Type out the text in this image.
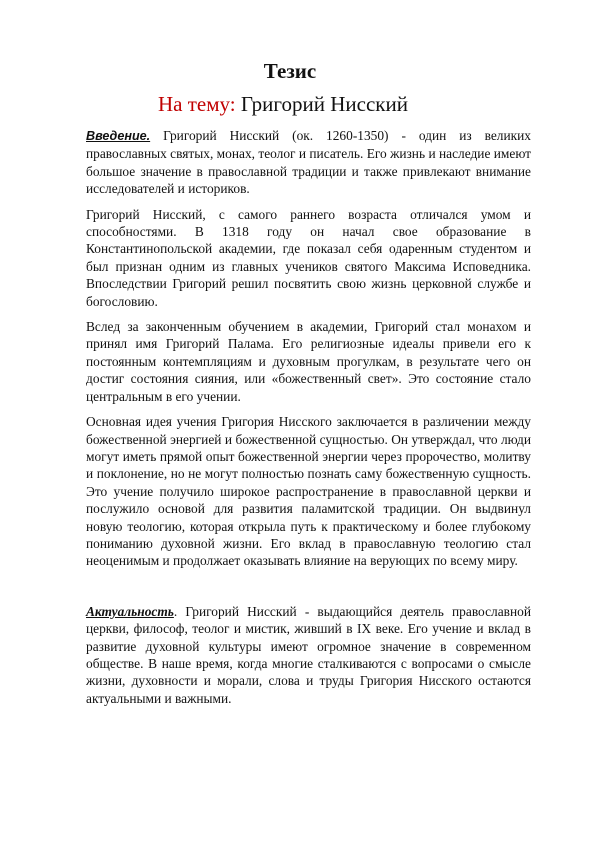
Тезис
На тему: Григорий Нисский

Введение. Григорий Нисский (ок. 1260-1350) - один из великих православных святых, монах, теолог и писатель. Его жизнь и наследие имеют большое значение в православной традиции и также привлекают внимание исследователей и историков.

Григорий Нисский, с самого раннего возраста отличался умом и способностями. В 1318 году он начал свое образование в Константинопольской академии, где показал себя одаренным студентом и был признан одним из главных учеников святого Максима Исповедника. Впоследствии Григорий решил посвятить свою жизнь церковной службе и богословию.

Вслед за законченным обучением в академии, Григорий стал монахом и принял имя Григорий Палама. Его религиозные идеалы привели его к постоянным контемпляциям и духовным прогулкам, в результате чего он достиг состояния сияния, или «божественный свет». Это состояние стало центральным в его учении.

Основная идея учения Григория Нисского заключается в различении между божественной энергией и божественной сущностью. Он утверждал, что люди могут иметь прямой опыт божественной энергии через пророчество, молитву и поклонение, но не могут полностью познать саму божественную сущность. Это учение получило широкое распространение в православной церкви и послужило основой для развития паламитской традиции. Он выдвинул новую теологию, которая открыла путь к практическому и более глубокому пониманию духовной жизни. Его вклад в православную теологию стал неоценимым и продолжает оказывать влияние на верующих по всему миру.

Актуальность. Григорий Нисский - выдающийся деятель православной церкви, философ, теолог и мистик, живший в IX веке. Его учение и вклад в развитие духовной культуры имеют огромное значение в современном обществе. В наше время, когда многие сталкиваются с вопросами о смысле жизни, духовности и морали, слова и труды Григория Нисского остаются актуальными и важными.
